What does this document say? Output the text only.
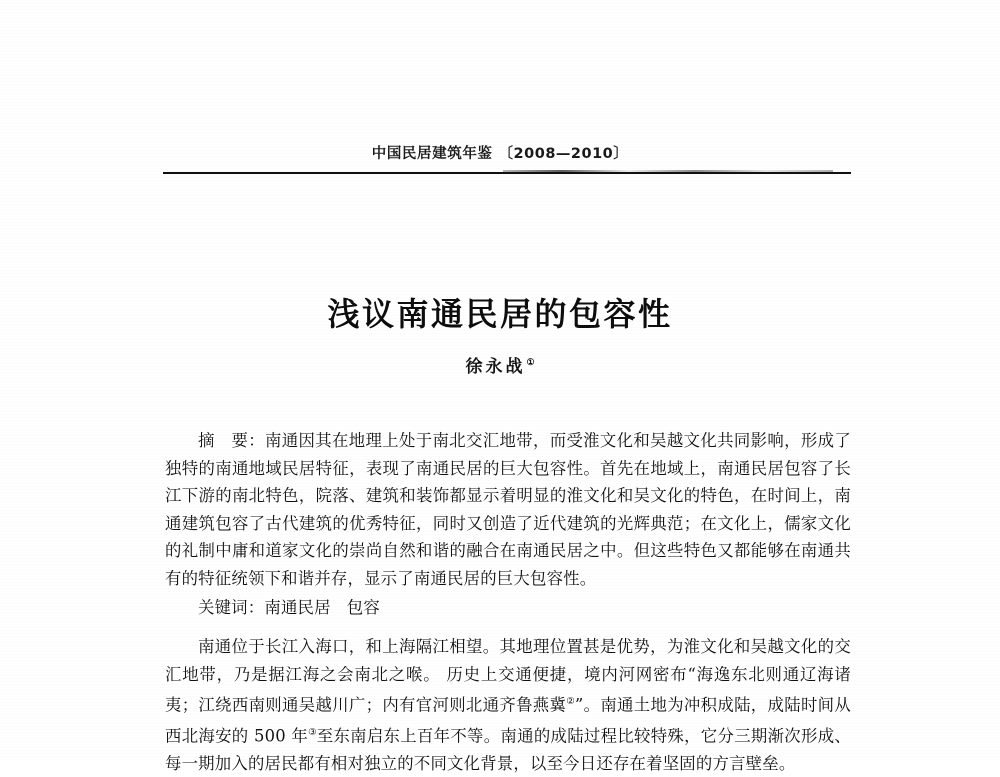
中国民居建筑年鉴 〔2008—2010〕
浅议南通民居的包容性
徐永战①

摘　要：南通因其在地理上处于南北交汇地带，而受淮文化和吴越文化共同影响，形成了独特的南通地域民居特征，表现了南通民居的巨大包容性。首先在地域上，南通民居包容了长江下游的南北特色，院落、建筑和装饰都显示着明显的淮文化和吴文化的特色，在时间上，南通建筑包容了古代建筑的优秀特征，同时又创造了近代建筑的光辉典范；在文化上，儒家文化的礼制中庸和道家文化的崇尚自然和谐的融合在南通民居之中。但这些特色又都能够在南通共有的特征统领下和谐并存，显示了南通民居的巨大包容性。

关键词：南通民居 包容

南通位于长江入海口，和上海隔江相望。其地理位置甚是优势，为淮文化和吴越文化的交汇地带，乃是据江海之会南北之喉。 历史上交通便捷，境内河网密布“海逸东北则通辽海诸夷；江绕西南则通吴越川广；内有官河则北通齐鲁燕冀②”。南通土地为冲积成陆，成陆时间从西北海安的 500 年③至东南启东上百年不等。南通的成陆过程比较特殊，它分三期渐次形成、每一期加入的居民都有相对独立的不同文化背景，以至今日还存在着坚固的方言壁垒。
